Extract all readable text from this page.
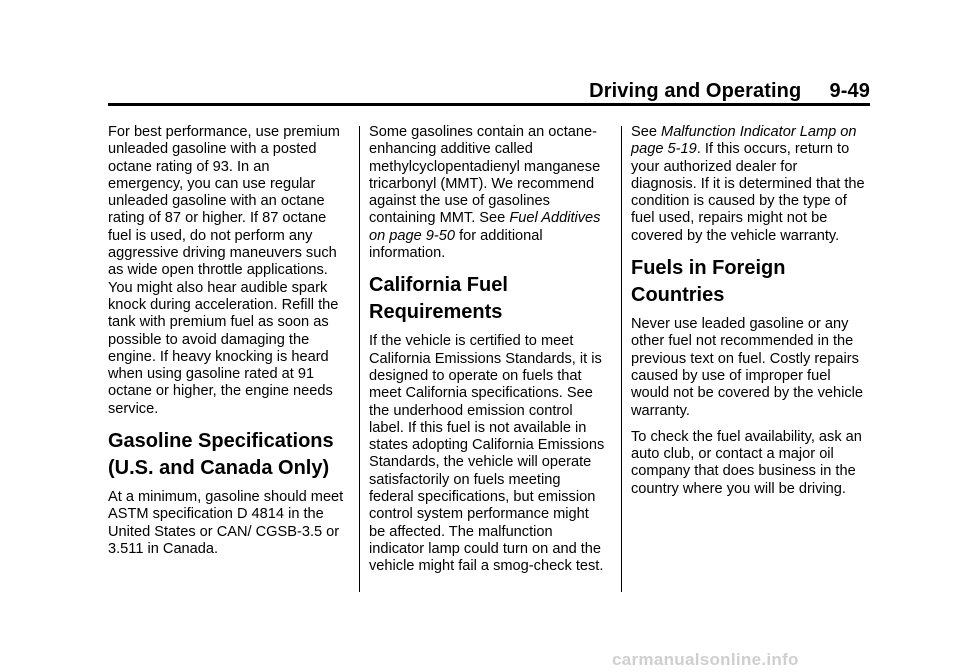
Driving and Operating     9-49

For best performance, use premium unleaded gasoline with a posted octane rating of 93. In an emergency, you can use regular unleaded gasoline with an octane rating of 87 or higher. If 87 octane fuel is used, do not perform any aggressive driving maneuvers such as wide open throttle applications. You might also hear audible spark knock during acceleration. Refill the tank with premium fuel as soon as possible to avoid damaging the engine. If heavy knocking is heard when using gasoline rated at 91 octane or higher, the engine needs service.

Gasoline Specifications (U.S. and Canada Only)

At a minimum, gasoline should meet ASTM specification D 4814 in the United States or CAN/ CGSB-3.5 or 3.511 in Canada.

Some gasolines contain an octane-enhancing additive called methylcyclopentadienyl manganese tricarbonyl (MMT). We recommend against the use of gasolines containing MMT. See Fuel Additives on page 9-50 for additional information.

California Fuel Requirements

If the vehicle is certified to meet California Emissions Standards, it is designed to operate on fuels that meet California specifications. See the underhood emission control label. If this fuel is not available in states adopting California Emissions Standards, the vehicle will operate satisfactorily on fuels meeting federal specifications, but emission control system performance might be affected. The malfunction indicator lamp could turn on and the vehicle might fail a smog-check test.

See Malfunction Indicator Lamp on page 5-19. If this occurs, return to your authorized dealer for diagnosis. If it is determined that the condition is caused by the type of fuel used, repairs might not be covered by the vehicle warranty.

Fuels in Foreign Countries

Never use leaded gasoline or any other fuel not recommended in the previous text on fuel. Costly repairs caused by use of improper fuel would not be covered by the vehicle warranty.

To check the fuel availability, ask an auto club, or contact a major oil company that does business in the country where you will be driving.

carmanualsonline.info
